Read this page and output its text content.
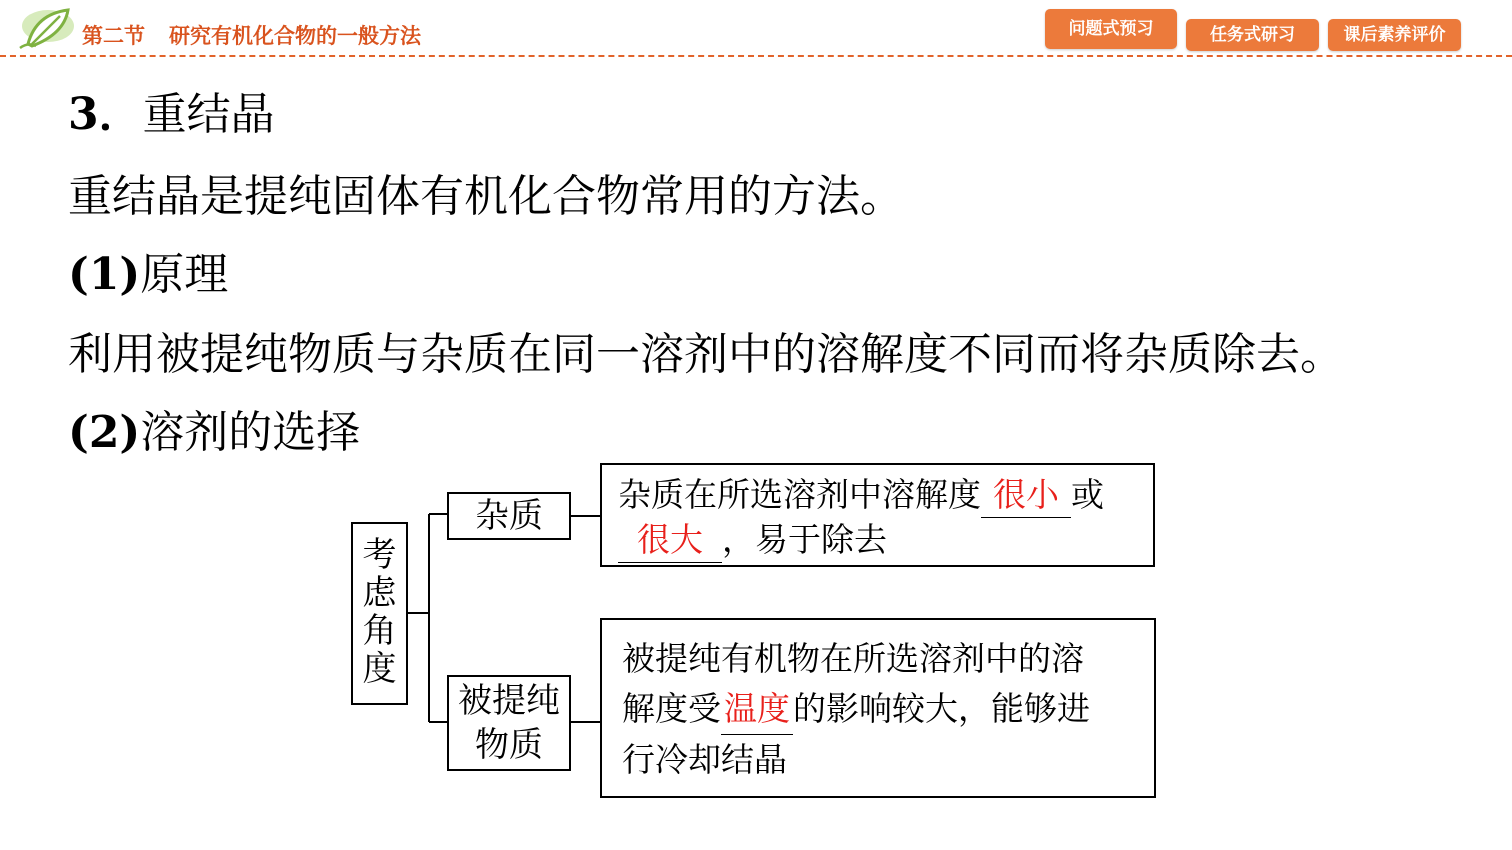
第二节 研究有机化合物的一般方法	问题式预习	任务式研习	课后素养评价
3．重结晶
重结晶是提纯固体有机化合物常用的方法。
(1)原理
利用被提纯物质与杂质在同一溶剂中的溶解度不同而将杂质除去。
(2)溶剂的选择
考
虑
角
度
杂质
被提纯
物质
杂质在所选溶剂中溶解度 很小 或
很大 ，易于除去
被提纯有机物在所选溶剂中的溶
解度受温度的影响较大，能够进
行冷却结晶
